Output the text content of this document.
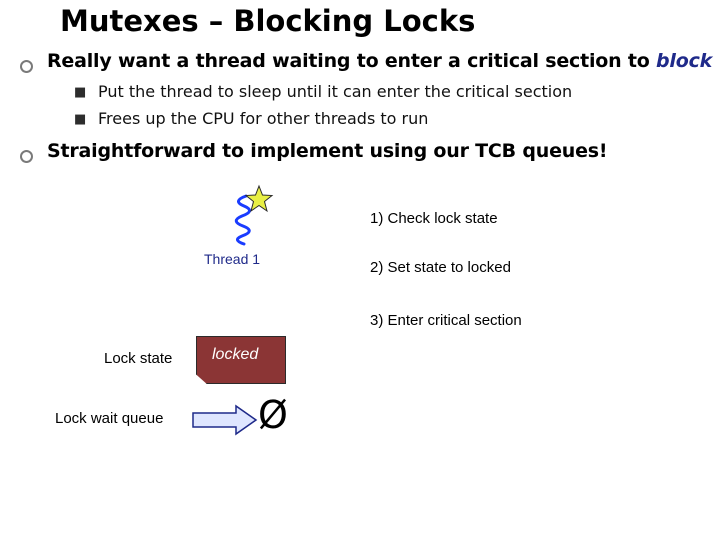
Mutexes – Blocking Locks
Really want a thread waiting to enter a critical section to block
■ Put the thread to sleep until it can enter the critical section
■ Frees up the CPU for other threads to run
Straightforward to implement using our TCB queues!
Thread 1
1) Check lock state
2) Set state to locked
3) Enter critical section
Lock state locked
Lock wait queue Ø
